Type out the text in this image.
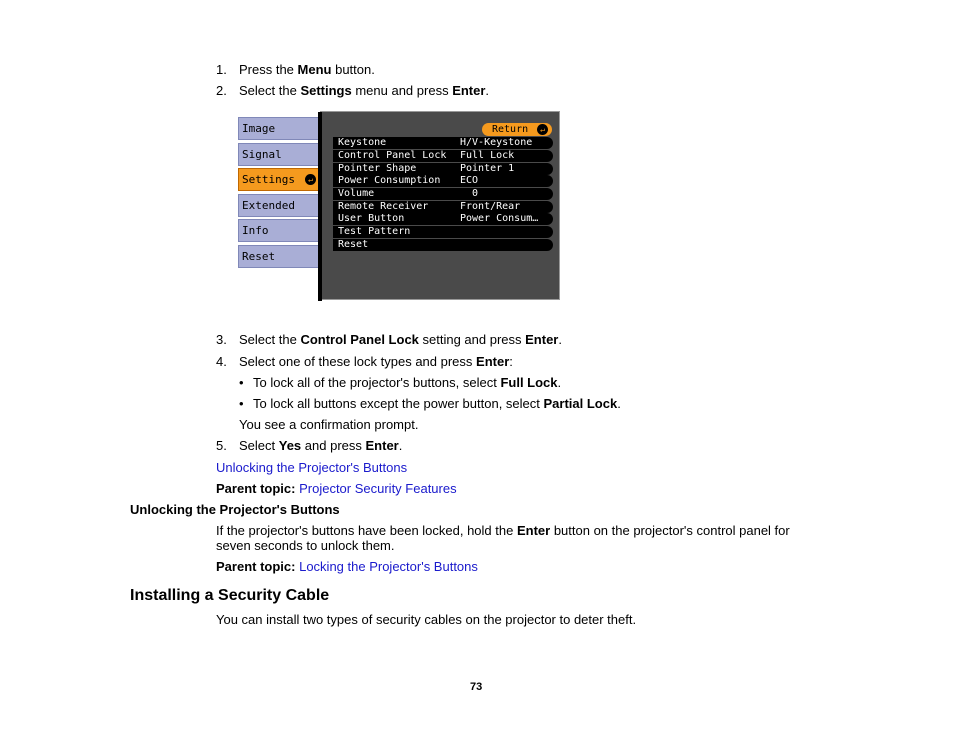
1. Press the Menu button.
2. Select the Settings menu and press Enter.
Image
Signal
Settings	↵
Extended
Info
Reset
Return	↵
Keystone	H/V-Keystone
Control Panel Lock Full Lock
Pointer Shape	Pointer 1
Power Consumption ECO
Volume	0
Remote Receiver	Front/Rear
User Button	Power Consum…
Test Pattern
Reset
3. Select the Control Panel Lock setting and press Enter.
4. Select one of these lock types and press Enter:
• To lock all of the projector's buttons, select Full Lock.
• To lock all buttons except the power button, select Partial Lock.
You see a confirmation prompt.
5. Select Yes and press Enter.
Unlocking the Projector's Buttons
Parent topic: Projector Security Features
Unlocking the Projector's Buttons
If the projector's buttons have been locked, hold the Enter button on the projector's control panel for
seven seconds to unlock them.
Parent topic: Locking the Projector's Buttons
Installing a Security Cable
You can install two types of security cables on the projector to deter theft.
73
